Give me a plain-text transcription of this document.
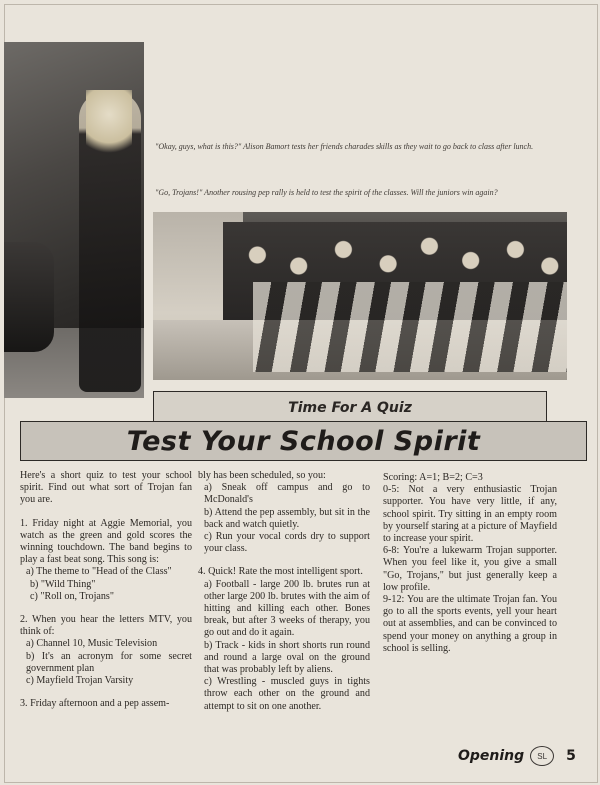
"Okay, guys, what is this?" Alison Bamort tests her friends charades skills as they wait to go back to class after lunch.
"Go, Trojans!" Another rousing pep rally is held to test the spirit of the classes. Will the juniors win again?
Time For A Quiz
Test Your School Spirit

Here's a short quiz to test your school spirit. Find out what sort of Trojan fan you are.

1. Friday night at Aggie Memorial, you watch as the green and gold scores the winning touchdown. The band begins to play a fast beat song. This song is:
a) The theme to "Head of the Class"
b) "Wild Thing"
c) "Roll on, Trojans"

2. When you hear the letters MTV, you think of:
a) Channel 10, Music Television
b) It's an acronym for some secret government plan
c) Mayfield Trojan Varsity

3. Friday afternoon and a pep assem-

bly has been scheduled, so you:
a) Sneak off campus and go to McDonald's
b) Attend the pep assembly, but sit in the back and watch quietly.
c) Run your vocal cords dry to support your class.

4. Quick! Rate the most intelligent sport.
a) Football - large 200 lb. brutes run at other large 200 lb. brutes with the aim of hitting and killing each other. Bones break, but after 3 weeks of therapy, you go out and do it again.
b) Track - kids in short shorts run round and round a large oval on the ground that was probably left by aliens.
c) Wrestling - muscled guys in tights throw each other on the ground and attempt to sit on one another.

Scoring: A=1; B=2; C=3
0-5: Not a very enthusiastic Trojan supporter. You have very little, if any, school spirit. Try sitting in an empty room by yourself staring at a picture of Mayfield to increase your spirit.
6-8: You're a lukewarm Trojan supporter. When you feel like it, you give a small "Go, Trojans," but just generally keep a low profile.
9-12: You are the ultimate Trojan fan. You go to all the sports events, yell your heart out at assemblies, and can be convinced to spend your money on anything a group in school is selling.
Opening	SL	5
